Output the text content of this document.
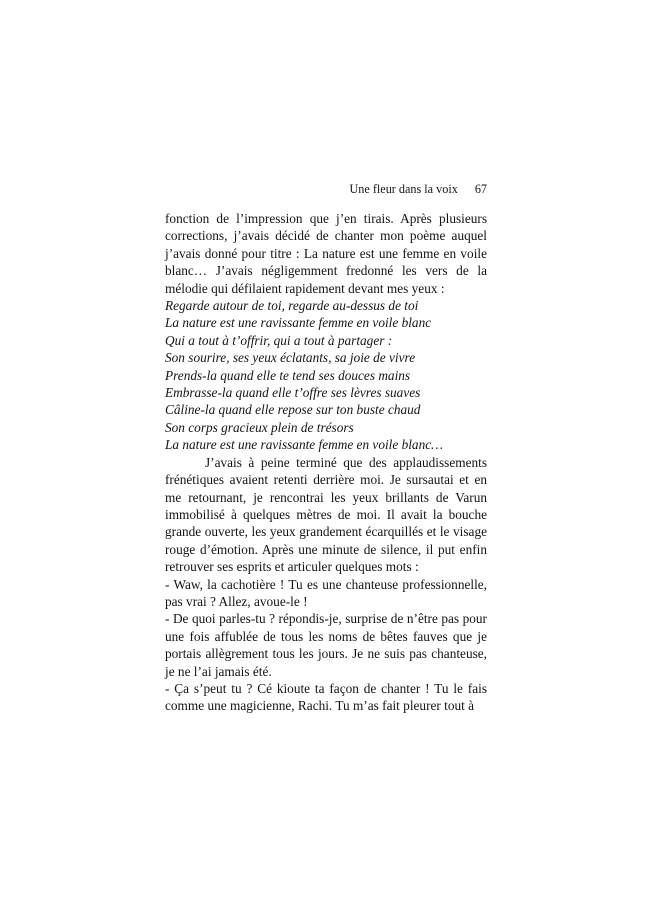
Une fleur dans la voix 67

fonction de l’impression que j’en tirais. Après plusieurs corrections, j’avais décidé de chanter mon poème auquel j’avais donné pour titre : La nature est une femme en voile blanc… J’avais négligemment fredonné les vers de la mélodie qui défilaient rapidement devant mes yeux :

Regarde autour de toi, regarde au-dessus de toi
La nature est une ravissante femme en voile blanc
Qui a tout à t’offrir, qui a tout à partager :
Son sourire, ses yeux éclatants, sa joie de vivre
Prends-la quand elle te tend ses douces mains
Embrasse-la quand elle t’offre ses lèvres suaves
Câline-la quand elle repose sur ton buste chaud
Son corps gracieux plein de trésors
La nature est une ravissante femme en voile blanc…

J’avais à peine terminé que des applaudissements frénétiques avaient retenti derrière moi. Je sursautai et en me retournant, je rencontrai les yeux brillants de Varun immobilisé à quelques mètres de moi. Il avait la bouche grande ouverte, les yeux grandement écarquillés et le visage rouge d’émotion. Après une minute de silence, il put enfin retrouver ses esprits et articuler quelques mots :

- Waw, la cachotière ! Tu es une chanteuse professionnelle, pas vrai ? Allez, avoue-le !

- De quoi parles-tu ? répondis-je, surprise de n’être pas pour une fois affublée de tous les noms de bêtes fauves que je portais allègrement tous les jours. Je ne suis pas chanteuse, je ne l’ai jamais été.

- Ça s’peut tu ? Cé kioute ta façon de chanter ! Tu le fais comme une magicienne, Rachi. Tu m’as fait pleurer tout à
